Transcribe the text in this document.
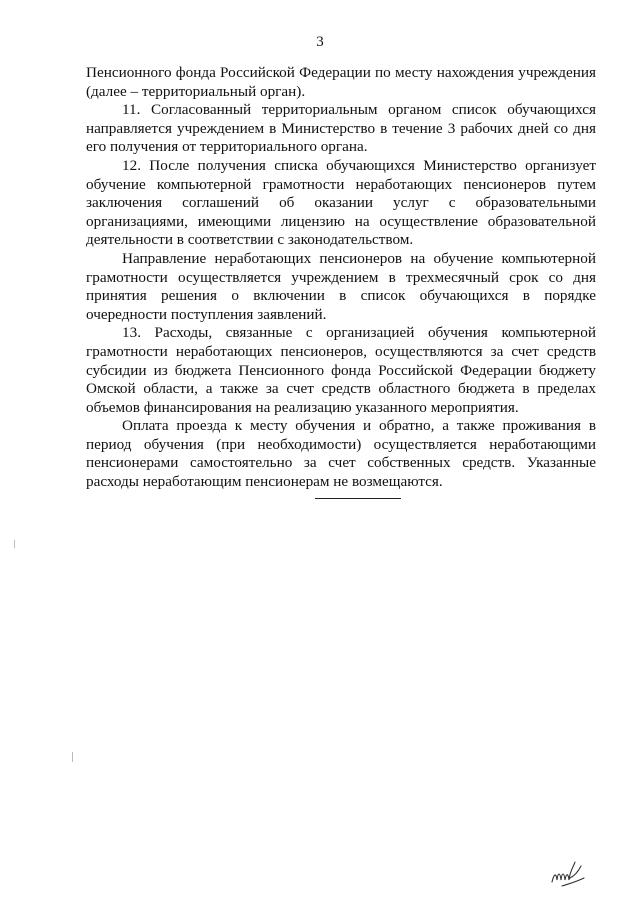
3

Пенсионного фонда Российской Федерации по месту нахождения учреждения (далее – территориальный орган).

11. Согласованный территориальным органом список обучающихся направляется учреждением в Министерство в течение 3 рабочих дней со дня его получения от территориального органа.

12. После получения списка обучающихся Министерство организует обучение компьютерной грамотности неработающих пенсионеров путем заключения соглашений об оказании услуг с образовательными организациями, имеющими лицензию на осуществление образовательной деятельности в соответствии с законодательством.

Направление неработающих пенсионеров на обучение компьютерной грамотности осуществляется учреждением в трехмесячный срок со дня принятия решения о включении в список обучающихся в порядке очередности поступления заявлений.

13. Расходы, связанные с организацией обучения компьютерной грамотности неработающих пенсионеров, осуществляются за счет средств субсидии из бюджета Пенсионного фонда Российской Федерации бюджету Омской области, а также за счет средств областного бюджета в пределах объемов финансирования на реализацию указанного мероприятия.

Оплата проезда к месту обучения и обратно, а также проживания в период обучения (при необходимости) осуществляется неработающими пенсионерами самостоятельно за счет собственных средств. Указанные расходы неработающим пенсионерам не возмещаются.
